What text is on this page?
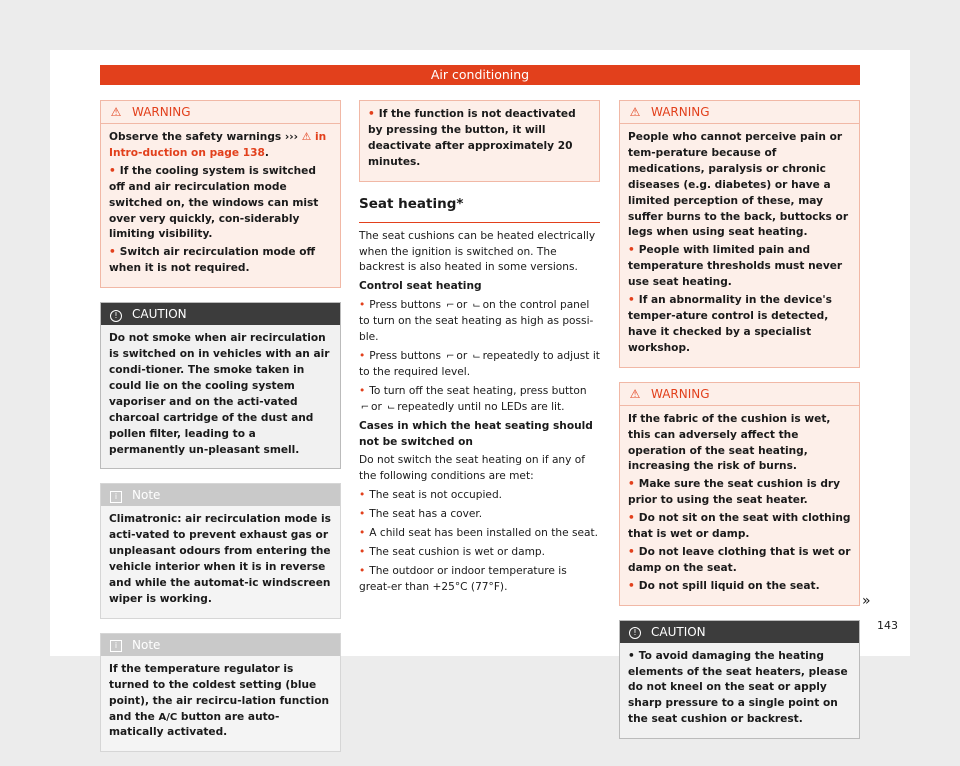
Air conditioning
⚠ WARNING

Observe the safety warnings ››› ⚠ in Intro-duction on page 138.

• If the cooling system is switched off and air recirculation mode switched on, the windows can mist over very quickly, con-siderably limiting visibility.

• Switch air recirculation mode off when it is not required.

!	CAUTION

Do not smoke when air recirculation is switched on in vehicles with an air condi-tioner. The smoke taken in could lie on the cooling system vaporiser and on the acti-vated charcoal cartridge of the dust and pollen filter, leading to a permanently un-pleasant smell.

i	Note

Climatronic: air recirculation mode is acti-vated to prevent exhaust gas or unpleasant odours from entering the vehicle interior when it is in reverse and while the automat-ic windscreen wiper is working.

i	Note

If the temperature regulator is turned to the coldest setting (blue point), the air recircu-lation function and the A/C button are auto-matically activated.

• If the function is not deactivated by pressing the button, it will deactivate after approximately 20 minutes.

Seat heating*

The seat cushions can be heated electrically when the ignition is switched on. The backrest is also heated in some versions.

Control seat heating

• Press buttons ⌐ or ⌙ on the control panel to turn on the seat heating as high as possi-ble.

• Press buttons ⌐ or ⌙ repeatedly to adjust it to the required level.

• To turn off the seat heating, press button ⌐ or ⌙ repeatedly until no LEDs are lit.

Cases in which the heat seating should not be switched on

Do not switch the seat heating on if any of the following conditions are met:

• The seat is not occupied.

• The seat has a cover.

• A child seat has been installed on the seat.

• The seat cushion is wet or damp.

• The outdoor or indoor temperature is great-er than +25°C (77°F).

⚠ WARNING

People who cannot perceive pain or tem-perature because of medications, paralysis or chronic diseases (e.g. diabetes) or have a limited perception of these, may suffer burns to the back, buttocks or legs when using seat heating.

• People with limited pain and temperature thresholds must never use seat heating.

• If an abnormality in the device's temper-ature control is detected, have it checked by a specialist workshop.

⚠ WARNING

If the fabric of the cushion is wet, this can adversely affect the operation of the seat heating, increasing the risk of burns.

• Make sure the seat cushion is dry prior to using the seat heater.

• Do not sit on the seat with clothing that is wet or damp.

• Do not leave clothing that is wet or damp on the seat.

• Do not spill liquid on the seat.

!	CAUTION

• To avoid damaging the heating elements of the seat heaters, please do not kneel on the seat or apply sharp pressure to a single point on the seat cushion or backrest.

»
143
